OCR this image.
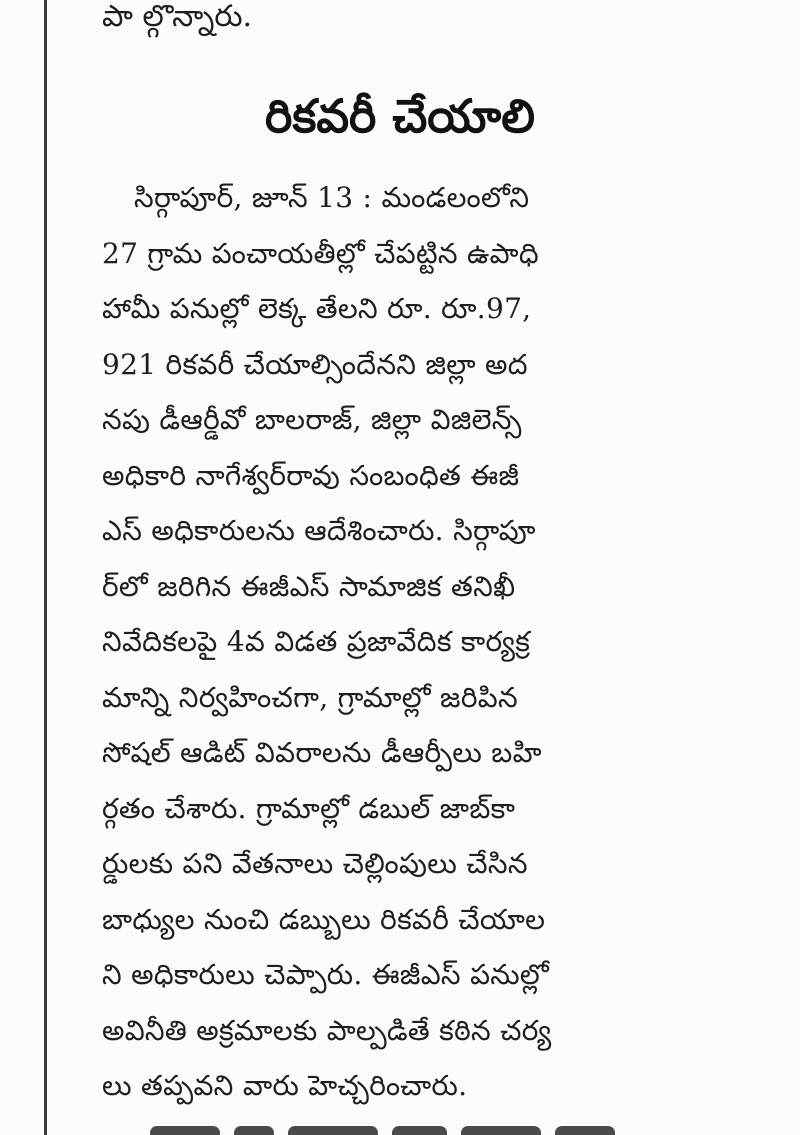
పా ల్గొన్నారు.
రికవరీ చేయాలి
సిర్గాపూర్, జూన్ 13 : మండలంలోని
27 గ్రామ పంచాయతీల్లో చేపట్టిన ఉపాధి
హామీ పనుల్లో లెక్క తేలని రూ. రూ.97,
921 రికవరీ చేయాల్సిందేనని జిల్లా అద
నపు డీఆర్డీవో బాలరాజ్, జిల్లా విజిలెన్స్
అధికారి నాగేశ్వర్‌రావు సంబంధిత ఈజీ
ఎస్ అధికారులను ఆదేశించారు. సిర్గాపూ
ర్‌లో జరిగిన ఈజీఎస్ సామాజిక తనిఖీ
నివేదికలపై 4వ విడత ప్రజావేదిక కార్యక్ర
మాన్ని నిర్వహించగా, గ్రామాల్లో జరిపిన
సోషల్ ఆడిట్ వివరాలను డీఆర్పీలు బహి
ర్గతం చేశారు. గ్రామాల్లో డబుల్ జాబ్‌కా
ర్డులకు పని వేతనాలు చెల్లింపులు చేసిన
బాధ్యుల నుంచి డబ్బులు రికవరీ చేయాల
ని అధికారులు చెప్పారు. ఈజీఎస్ పనుల్లో
అవినీతి అక్రమాలకు పాల్పడితే కఠిన చర్య
లు తప్పవని వారు హెచ్చరించారు.
